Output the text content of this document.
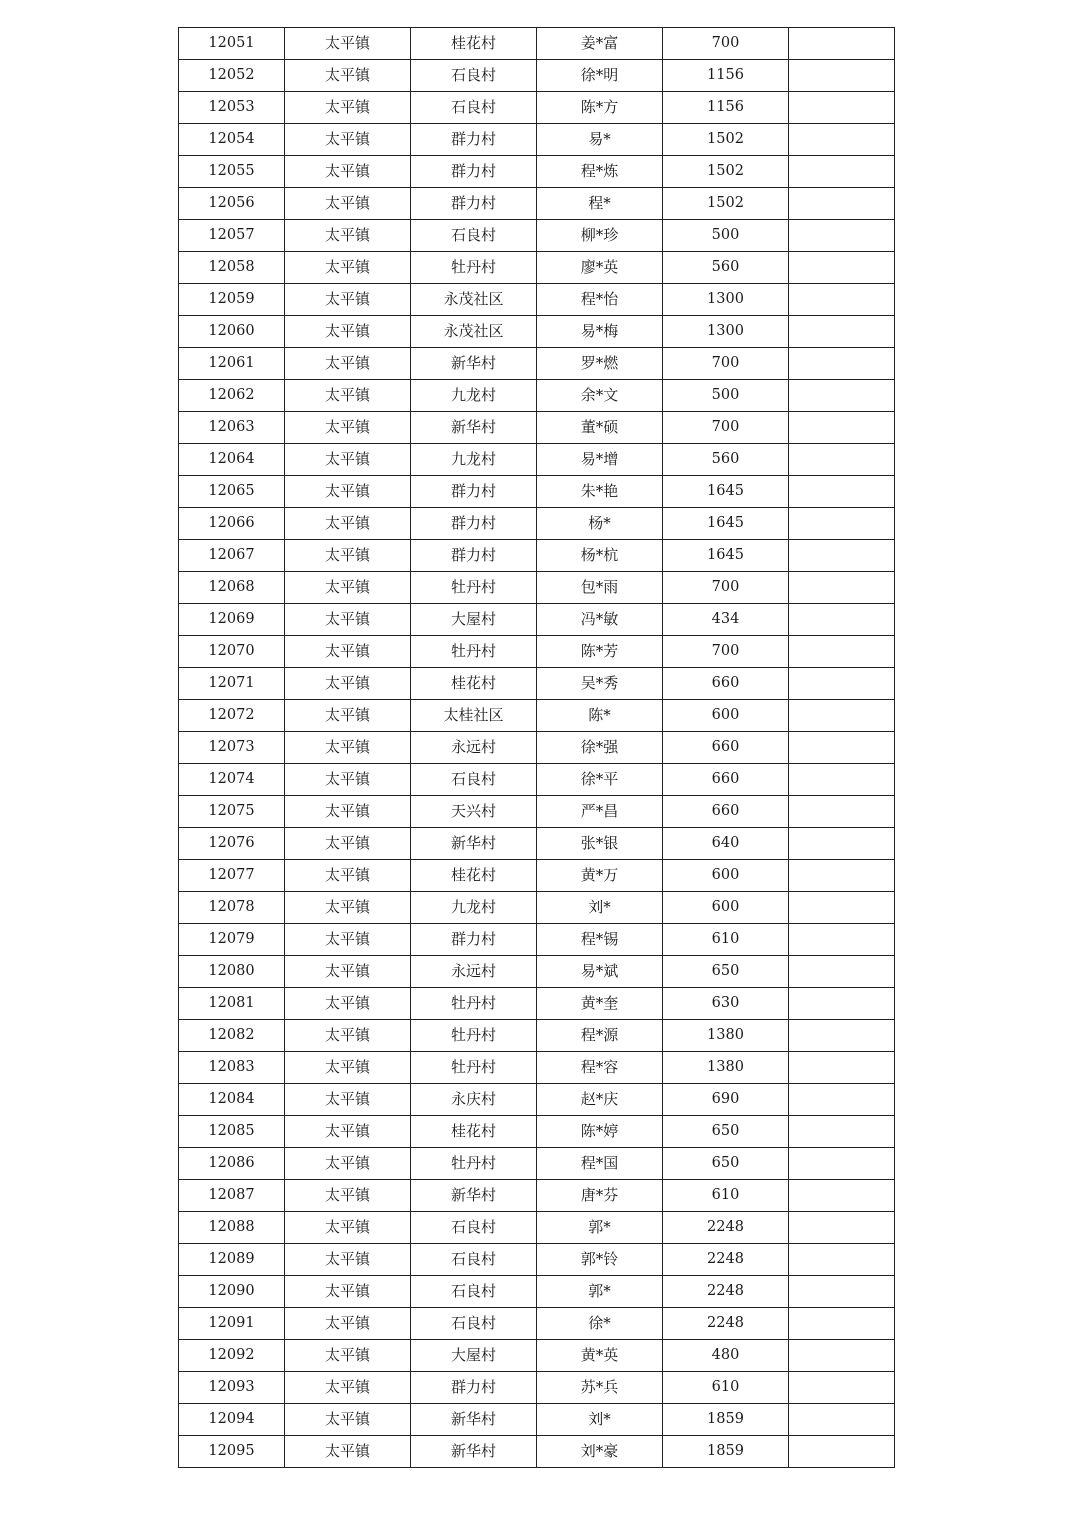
12051	太平镇	桂花村	姜*富	700	
12052	太平镇	石良村	徐*明	1156	
12053	太平镇	石良村	陈*方	1156	
12054	太平镇	群力村	易*	1502	
12055	太平镇	群力村	程*炼	1502	
12056	太平镇	群力村	程*	1502	
12057	太平镇	石良村	柳*珍	500	
12058	太平镇	牡丹村	廖*英	560	
12059	太平镇	永茂社区	程*怡	1300	
12060	太平镇	永茂社区	易*梅	1300	
12061	太平镇	新华村	罗*燃	700	
12062	太平镇	九龙村	余*文	500	
12063	太平镇	新华村	董*硕	700	
12064	太平镇	九龙村	易*增	560	
12065	太平镇	群力村	朱*艳	1645	
12066	太平镇	群力村	杨*	1645	
12067	太平镇	群力村	杨*杭	1645	
12068	太平镇	牡丹村	包*雨	700	
12069	太平镇	大屋村	冯*敏	434	
12070	太平镇	牡丹村	陈*芳	700	
12071	太平镇	桂花村	吴*秀	660	
12072	太平镇	太桂社区	陈*	600	
12073	太平镇	永远村	徐*强	660	
12074	太平镇	石良村	徐*平	660	
12075	太平镇	天兴村	严*昌	660	
12076	太平镇	新华村	张*银	640	
12077	太平镇	桂花村	黄*万	600	
12078	太平镇	九龙村	刘*	600	
12079	太平镇	群力村	程*锡	610	
12080	太平镇	永远村	易*斌	650	
12081	太平镇	牡丹村	黄*奎	630	
12082	太平镇	牡丹村	程*源	1380	
12083	太平镇	牡丹村	程*容	1380	
12084	太平镇	永庆村	赵*庆	690	
12085	太平镇	桂花村	陈*婷	650	
12086	太平镇	牡丹村	程*国	650	
12087	太平镇	新华村	唐*芬	610	
12088	太平镇	石良村	郭*	2248	
12089	太平镇	石良村	郭*铃	2248	
12090	太平镇	石良村	郭*	2248	
12091	太平镇	石良村	徐*	2248	
12092	太平镇	大屋村	黄*英	480	
12093	太平镇	群力村	苏*兵	610	
12094	太平镇	新华村	刘*	1859	
12095	太平镇	新华村	刘*豪	1859	
